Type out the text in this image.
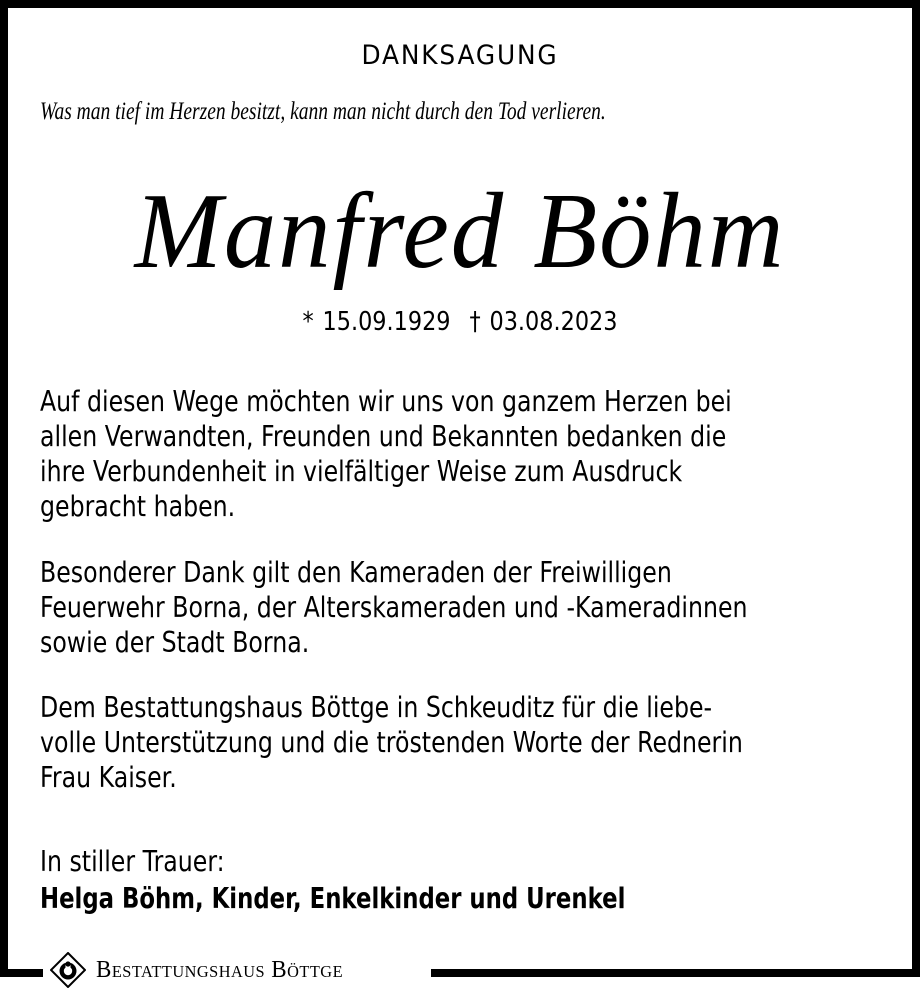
DANKSAGUNG
Was man tief im Herzen besitzt, kann man nicht durch den Tod verlieren.
Manfred Böhm
* 15.09.1929 † 03.08.2023
Auf diesen Wege möchten wir uns von ganzem Herzen bei
allen Verwandten, Freunden und Bekannten bedanken die
ihre Verbundenheit in vielfältiger Weise zum Ausdruck
gebracht haben.
Besonderer Dank gilt den Kameraden der Freiwilligen
Feuerwehr Borna, der Alterskameraden und -Kameradinnen
sowie der Stadt Borna.
Dem Bestattungshaus Böttge in Schkeuditz für die liebe-
volle Unterstützung und die tröstenden Worte der Rednerin
Frau Kaiser.
In stiller Trauer:
Helga Böhm, Kinder, Enkelkinder und Urenkel
Bestattungshaus Böttge
